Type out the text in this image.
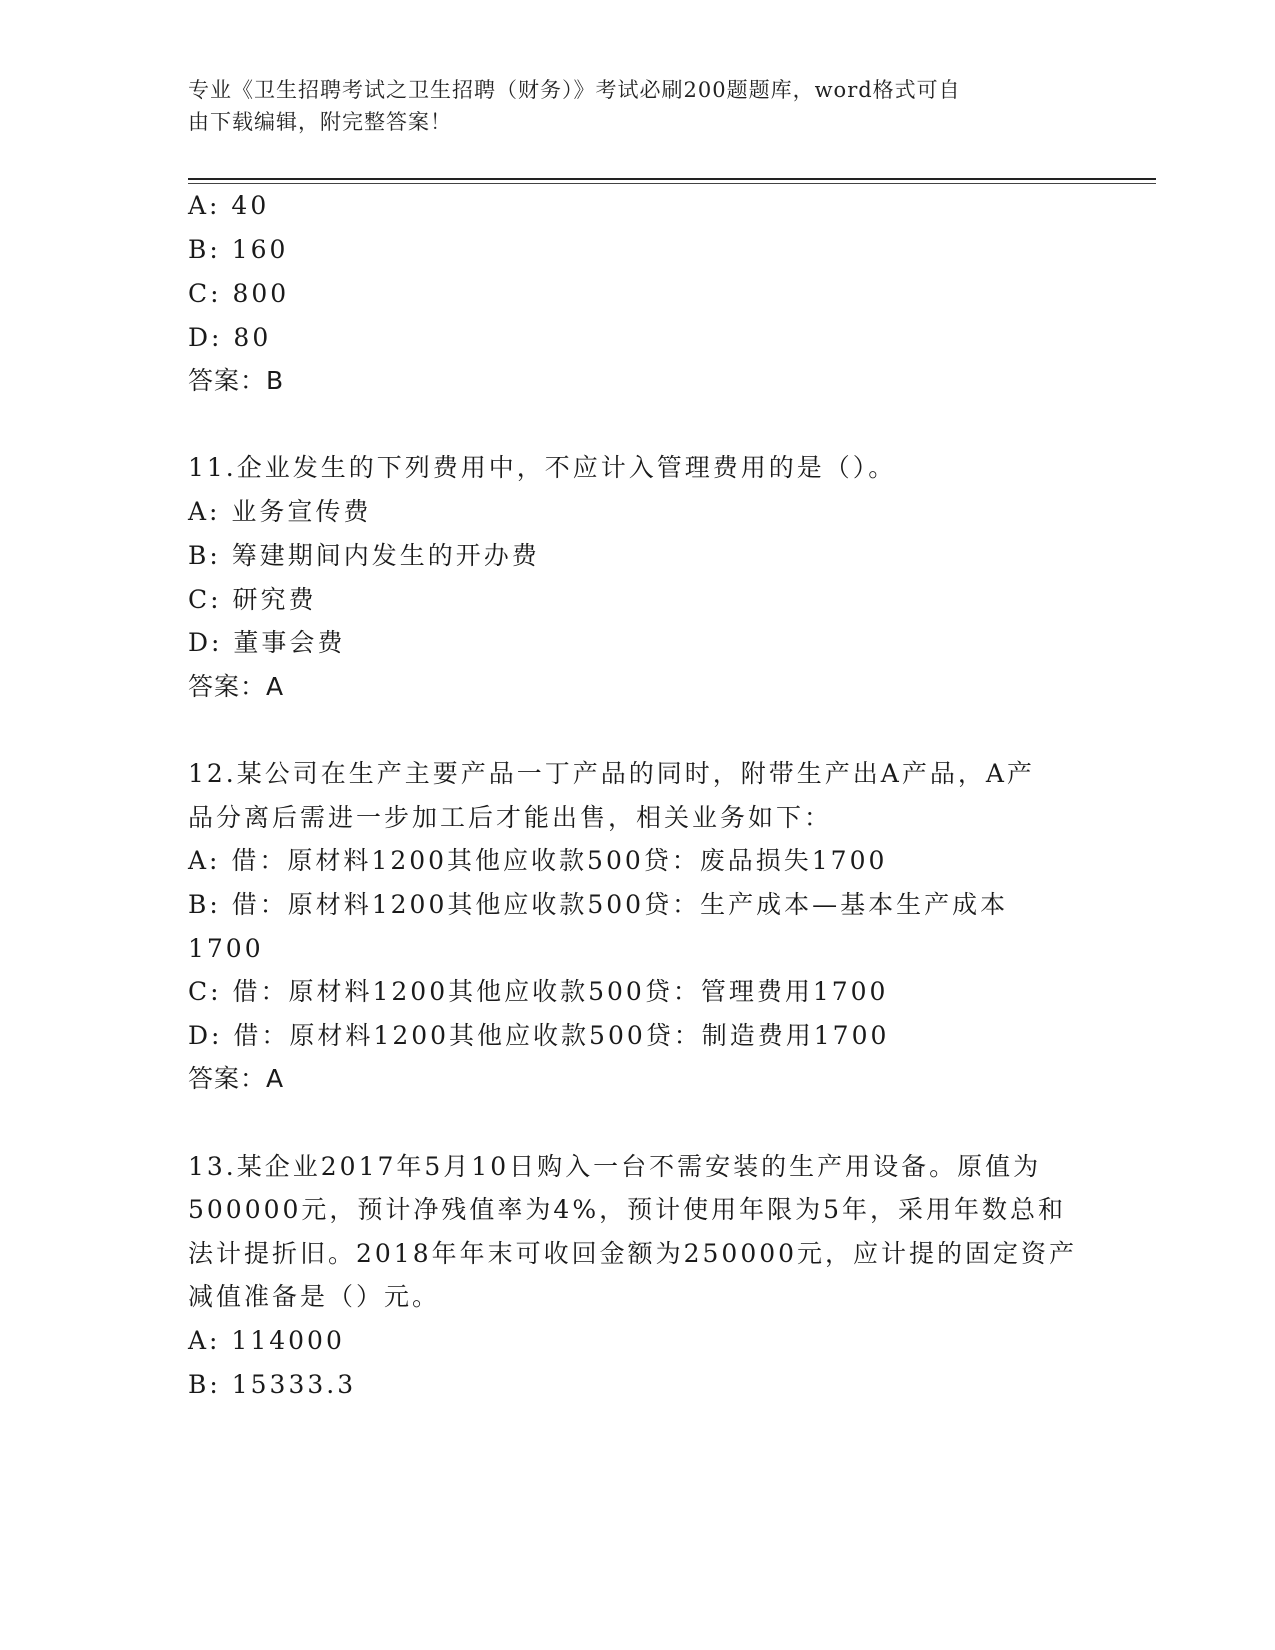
专业《卫生招聘考试之卫生招聘（财务）》考试必刷200题题库，word格式可自
由下载编辑，附完整答案！
A: 40
B: 160
C: 800
D: 80
答案：B
11.企业发生的下列费用中，不应计入管理费用的是（）。
A: 业务宣传费
B: 筹建期间内发生的开办费
C: 研究费
D: 董事会费
答案：A
12.某公司在生产主要产品一丁产品的同时，附带生产出A产品，A产
品分离后需进一步加工后才能出售，相关业务如下：
A: 借：原材料1200其他应收款500贷：废品损失1700
B: 借：原材料1200其他应收款500贷：生产成本—基本生产成本
1700
C: 借：原材料1200其他应收款500贷：管理费用1700
D: 借：原材料1200其他应收款500贷：制造费用1700
答案：A
13.某企业2017年5月10日购入一台不需安装的生产用设备。原值为
500000元，预计净残值率为4%，预计使用年限为5年，采用年数总和
法计提折旧。2018年年末可收回金额为250000元，应计提的固定资产
减值准备是（）元。
A: 114000
B: 15333.3
